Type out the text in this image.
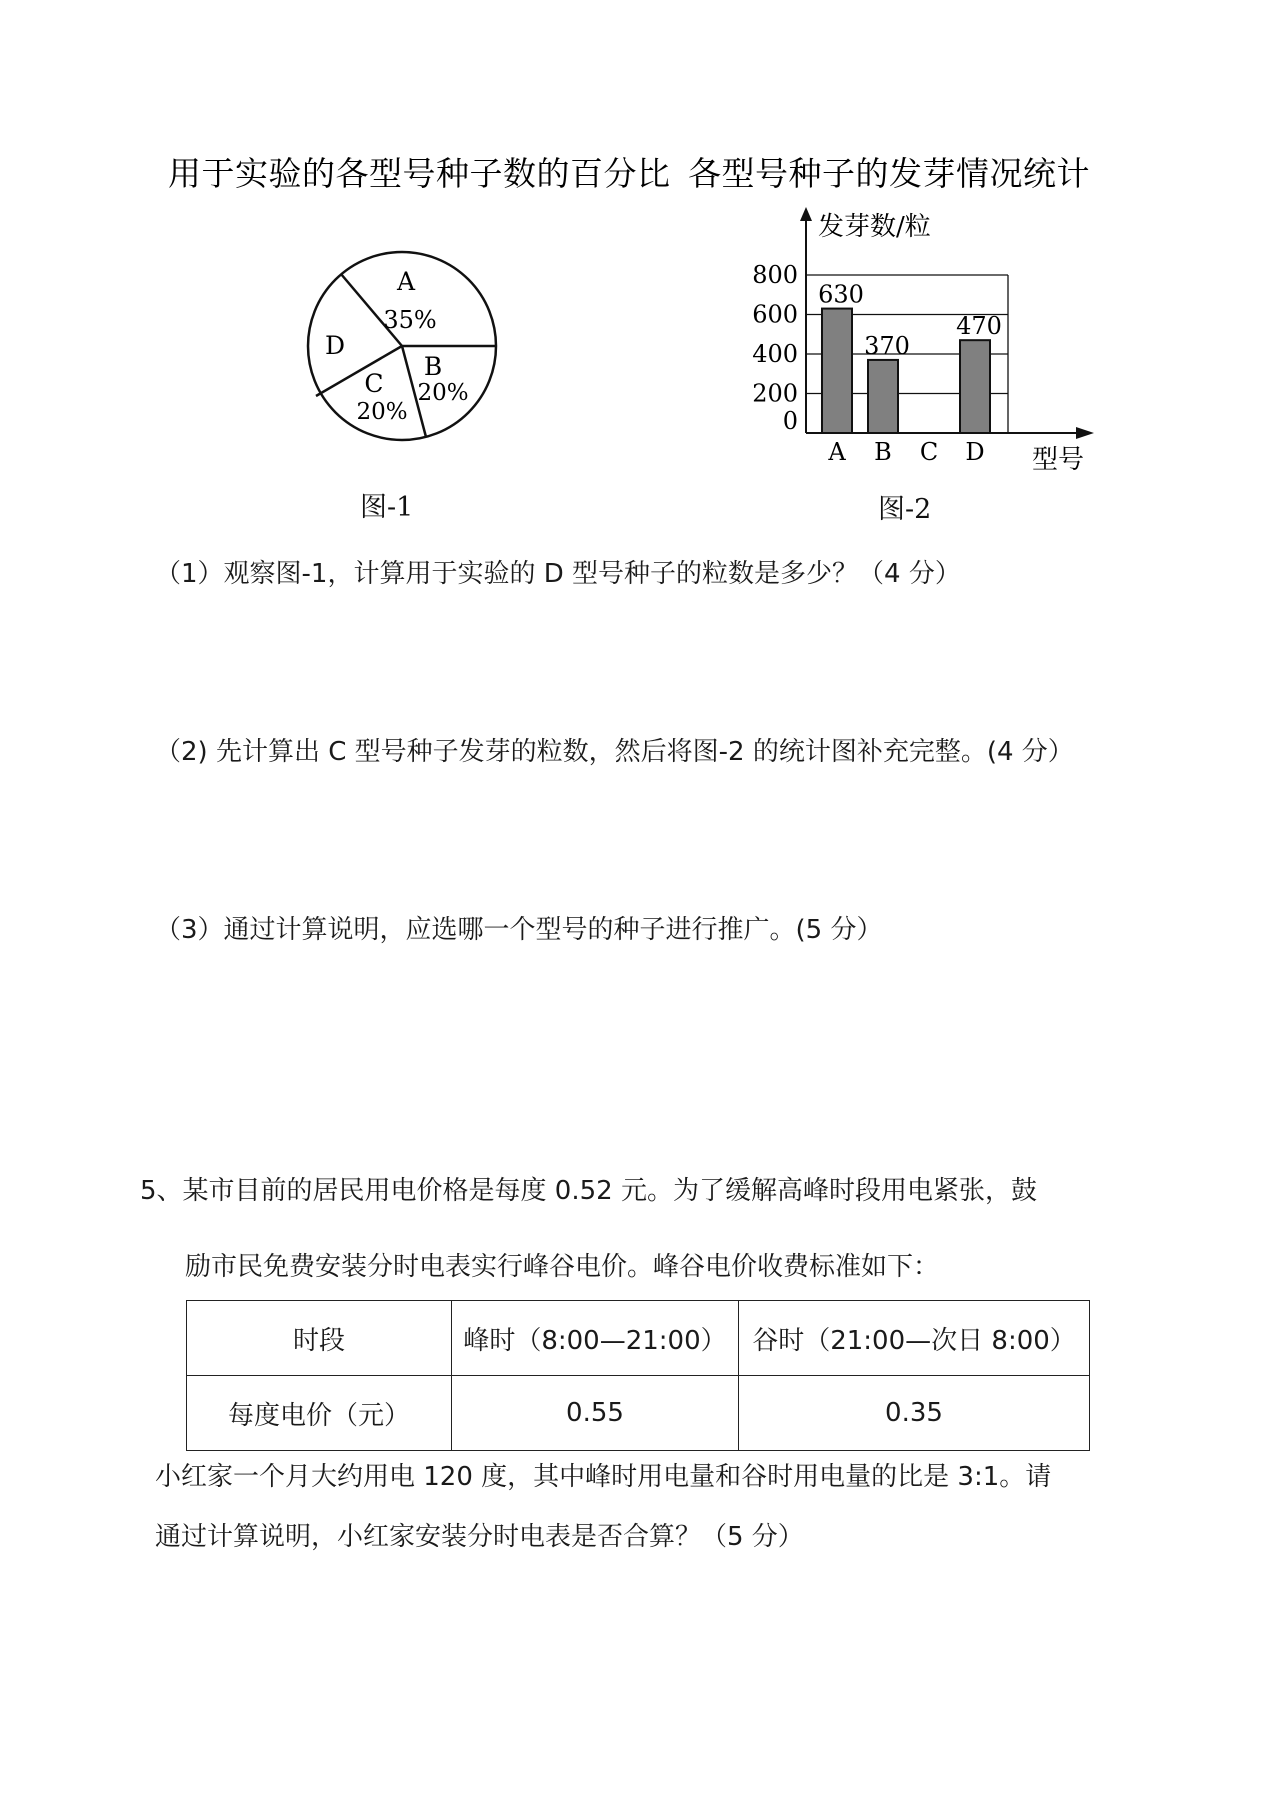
用于实验的各型号种子数的百分比 各型号种子的发芽情况统计
A
35%
B
20%
C
20%
D
图-1
发芽数/粒
型号
0
200
400
600
800
A B C D
630
370
470
图-2
（1）观察图-1，计算用于实验的 D 型号种子的粒数是多少？（4 分）
（2) 先计算出 C 型号种子发芽的粒数，然后将图-2 的统计图补充完整。(4 分）
（3）通过计算说明，应选哪一个型号的种子进行推广。(5 分）
5、某市目前的居民用电价格是每度 0.52 元。为了缓解高峰时段用电紧张，鼓
励市民免费安装分时电表实行峰谷电价。峰谷电价收费标准如下：
时段	峰时（8:00—21:00）	谷时（21:00—次日 8:00）
每度电价（元）	0.55	0.35
小红家一个月大约用电 120 度，其中峰时用电量和谷时用电量的比是 3:1。请
通过计算说明，小红家安装分时电表是否合算？（5 分）
